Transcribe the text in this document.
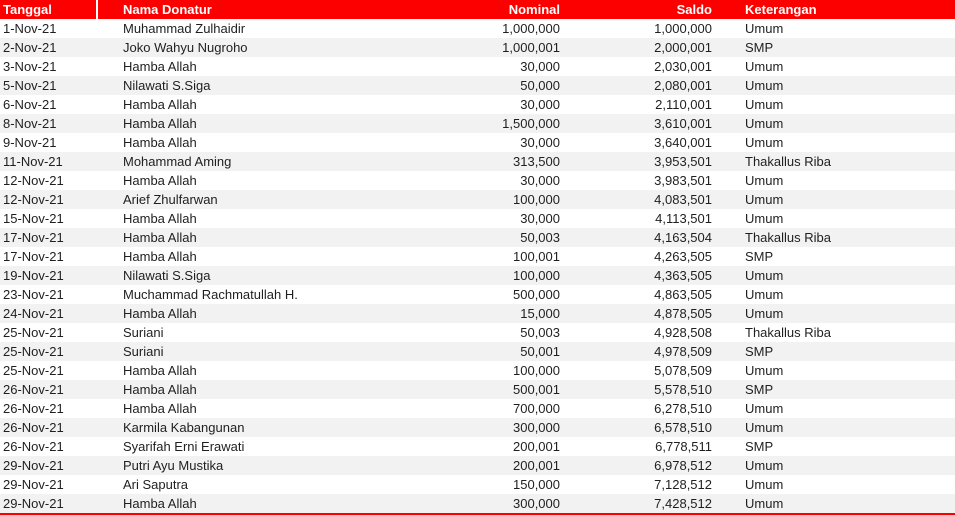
Tanggal	Nama Donatur	Nominal	Saldo	Keterangan
1-Nov-21	Muhammad Zulhaidir	1,000,000	1,000,000	Umum
2-Nov-21	Joko Wahyu Nugroho	1,000,001	2,000,001	SMP
3-Nov-21	Hamba Allah	30,000	2,030,001	Umum
5-Nov-21	Nilawati S.Siga	50,000	2,080,001	Umum
6-Nov-21	Hamba Allah	30,000	2,110,001	Umum
8-Nov-21	Hamba Allah	1,500,000	3,610,001	Umum
9-Nov-21	Hamba Allah	30,000	3,640,001	Umum
11-Nov-21	Mohammad Aming	313,500	3,953,501	Thakallus Riba
12-Nov-21	Hamba Allah	30,000	3,983,501	Umum
12-Nov-21	Arief Zhulfarwan	100,000	4,083,501	Umum
15-Nov-21	Hamba Allah	30,000	4,113,501	Umum
17-Nov-21	Hamba Allah	50,003	4,163,504	Thakallus Riba
17-Nov-21	Hamba Allah	100,001	4,263,505	SMP
19-Nov-21	Nilawati S.Siga	100,000	4,363,505	Umum
23-Nov-21	Muchammad Rachmatullah H.	500,000	4,863,505	Umum
24-Nov-21	Hamba Allah	15,000	4,878,505	Umum
25-Nov-21	Suriani	50,003	4,928,508	Thakallus Riba
25-Nov-21	Suriani	50,001	4,978,509	SMP
25-Nov-21	Hamba Allah	100,000	5,078,509	Umum
26-Nov-21	Hamba Allah	500,001	5,578,510	SMP
26-Nov-21	Hamba Allah	700,000	6,278,510	Umum
26-Nov-21	Karmila Kabangunan	300,000	6,578,510	Umum
26-Nov-21	Syarifah Erni Erawati	200,001	6,778,511	SMP
29-Nov-21	Putri Ayu Mustika	200,001	6,978,512	Umum
29-Nov-21	Ari Saputra	150,000	7,128,512	Umum
29-Nov-21	Hamba Allah	300,000	7,428,512	Umum
